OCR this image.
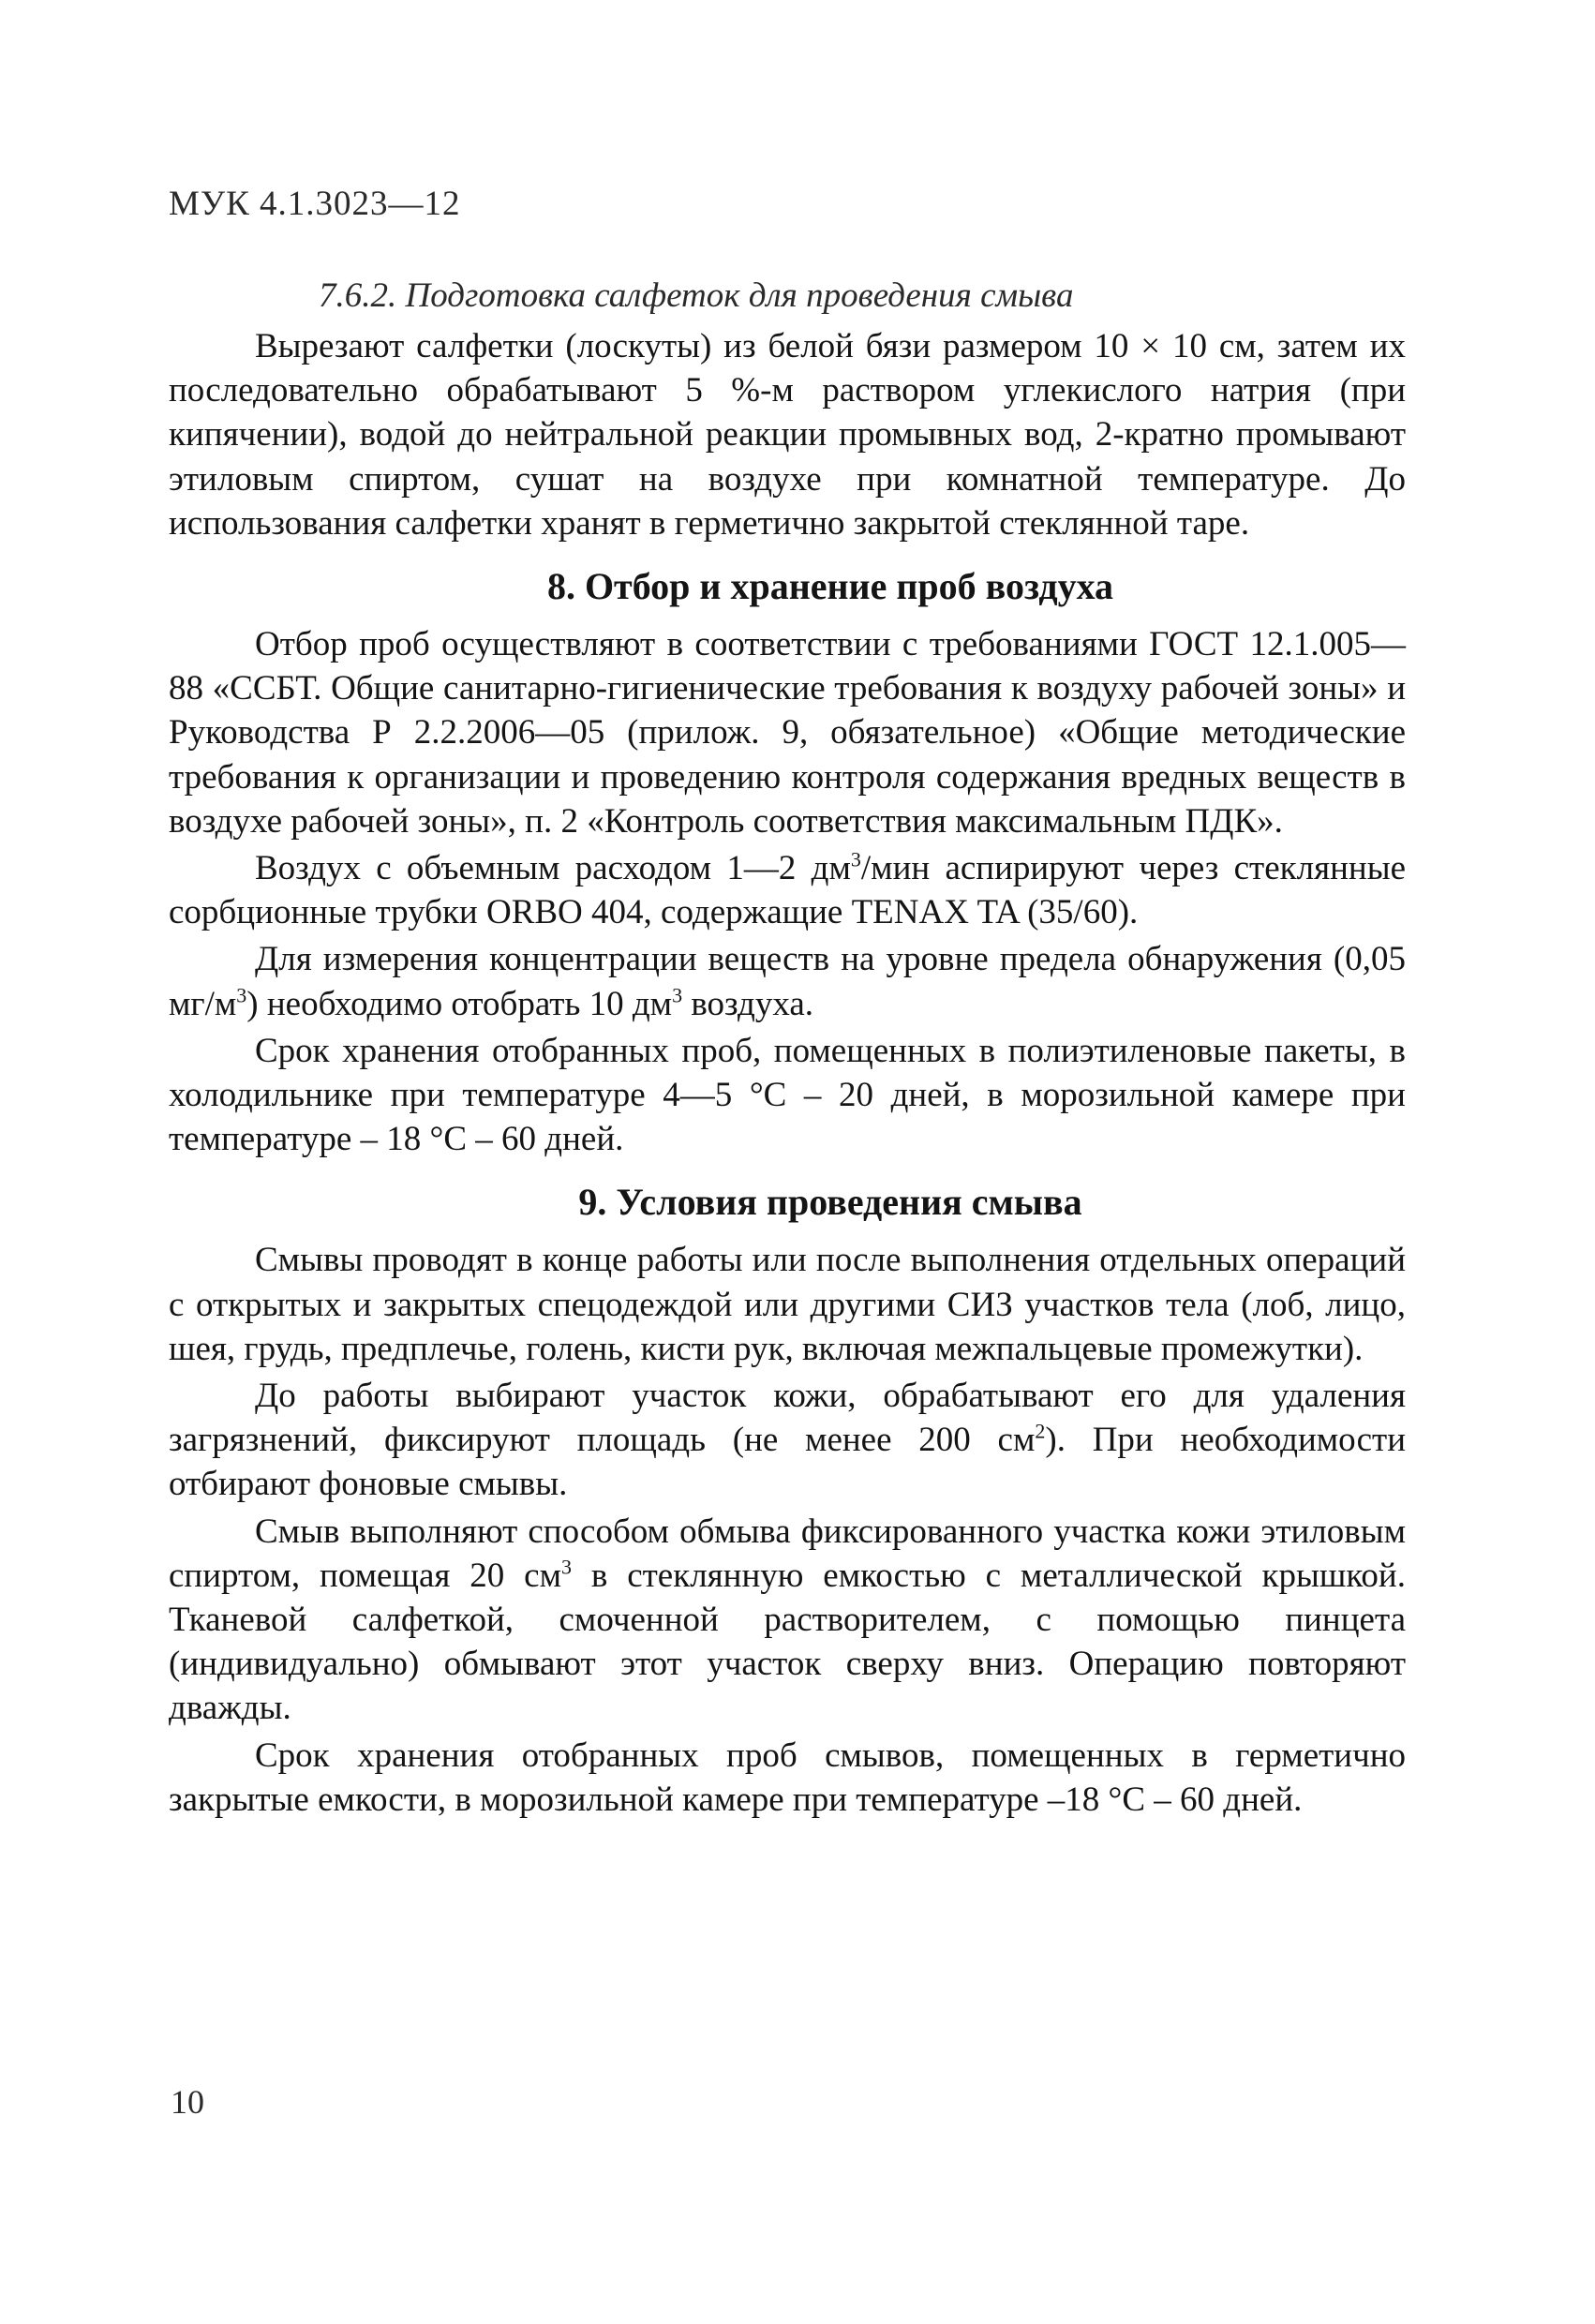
МУК 4.1.3023—12
7.6.2. Подготовка салфеток для проведения смыва

Вырезают салфетки (лоскуты) из белой бязи размером 10 × 10 см, затем их последовательно обрабатывают 5 %-м раствором углекислого натрия (при кипячении), водой до нейтральной реакции промывных вод, 2-кратно промывают этиловым спиртом, сушат на воздухе при комнатной температуре. До использования салфетки хранят в герметично закрытой стеклянной таре.

8. Отбор и хранение проб воздуха

Отбор проб осуществляют в соответствии с требованиями ГОСТ 12.1.005—88 «ССБТ. Общие санитарно-гигиенические требования к воздуху рабочей зоны» и Руководства Р 2.2.2006—05 (прилож. 9, обязательное) «Общие методические требования к организации и проведению контроля содержания вредных веществ в воздухе рабочей зоны», п. 2 «Контроль соответствия максимальным ПДК».

Воздух с объемным расходом 1—2 $дм^3$/мин аспирируют через стеклянные сорбционные трубки ORBO 404, содержащие TENAX TA (35/60).

Для измерения концентрации веществ на уровне предела обнаружения (0,05 $мг/м^3$) необходимо отобрать 10 $дм^3$ воздуха.

Срок хранения отобранных проб, помещенных в полиэтиленовые пакеты, в холодильнике при температуре 4—5 °С – 20 дней, в морозильной камере при температуре – 18 °С – 60 дней.

9. Условия проведения смыва

Смывы проводят в конце работы или после выполнения отдельных операций с открытых и закрытых спецодеждой или другими СИЗ участков тела (лоб, лицо, шея, грудь, предплечье, голень, кисти рук, включая межпальцевые промежутки).

До работы выбирают участок кожи, обрабатывают его для удаления загрязнений, фиксируют площадь (не менее 200 $см^2$). При необходимости отбирают фоновые смывы.

Смыв выполняют способом обмыва фиксированного участка кожи этиловым спиртом, помещая 20 $см^3$ в стеклянную емкостью с металлической крышкой. Тканевой салфеткой, смоченной растворителем, с помощью пинцета (индивидуально) обмывают этот участок сверху вниз. Операцию повторяют дважды.

Срок хранения отобранных проб смывов, помещенных в герметично закрытые емкости, в морозильной камере при температуре –18 °С – 60 дней.

10
